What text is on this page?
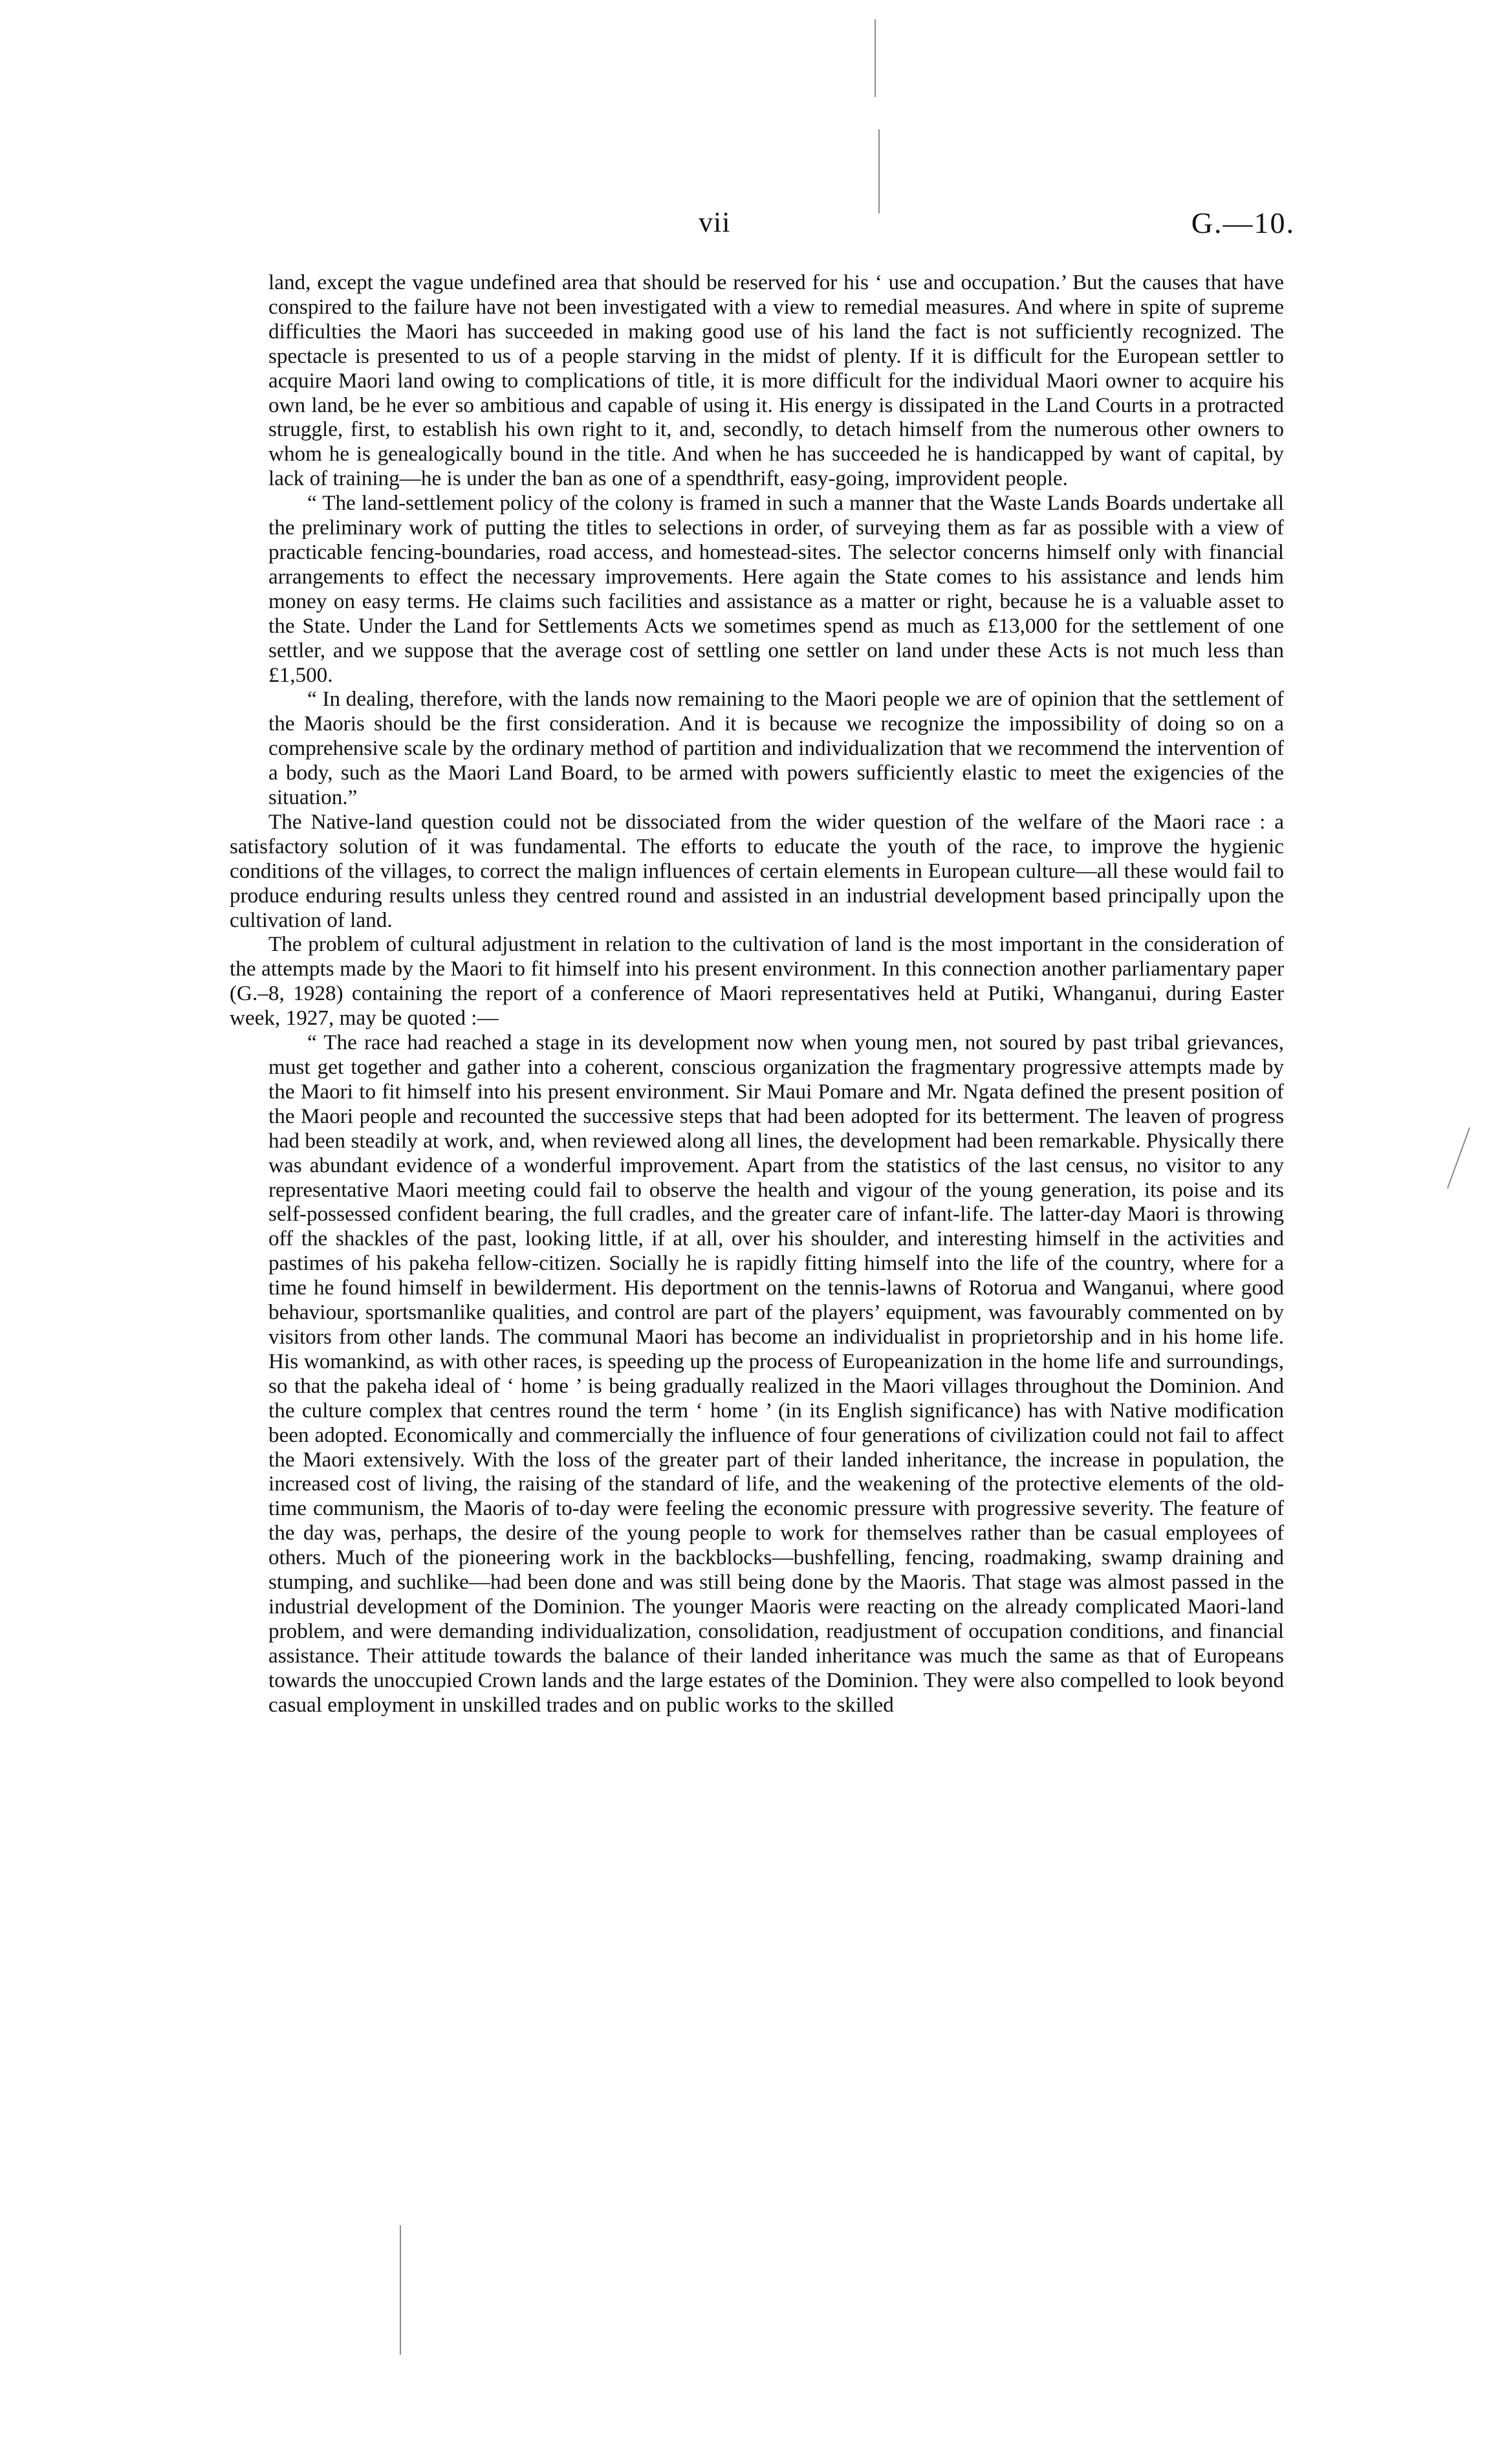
vii	G.—10.

land, except the vague undefined area that should be reserved for his ‘ use and occupation.’ But the causes that have conspired to the failure have not been investigated with a view to remedial measures. And where in spite of supreme difficulties the Maori has succeeded in making good use of his land the fact is not sufficiently recognized. The spectacle is presented to us of a people starving in the midst of plenty. If it is difficult for the European settler to acquire Maori land owing to complications of title, it is more difficult for the individual Maori owner to acquire his own land, be he ever so ambitious and capable of using it. His energy is dissipated in the Land Courts in a protracted struggle, first, to establish his own right to it, and, secondly, to detach himself from the numerous other owners to whom he is genealogically bound in the title. And when he has succeeded he is handicapped by want of capital, by lack of training—he is under the ban as one of a spendthrift, easy-going, improvident people.

“ The land-settlement policy of the colony is framed in such a manner that the Waste Lands Boards undertake all the preliminary work of putting the titles to selections in order, of surveying them as far as possible with a view of practicable fencing-boundaries, road access, and homestead-sites. The selector concerns himself only with financial arrangements to effect the necessary improvements. Here again the State comes to his assistance and lends him money on easy terms. He claims such facilities and assistance as a matter or right, because he is a valuable asset to the State. Under the Land for Settlements Acts we sometimes spend as much as £13,000 for the settlement of one settler, and we suppose that the average cost of settling one settler on land under these Acts is not much less than £1,500.

“ In dealing, therefore, with the lands now remaining to the Maori people we are of opinion that the settlement of the Maoris should be the first consideration. And it is because we recognize the impossibility of doing so on a comprehensive scale by the ordinary method of partition and individualization that we recommend the intervention of a body, such as the Maori Land Board, to be armed with powers sufficiently elastic to meet the exigencies of the situation.”

The Native-land question could not be dissociated from the wider question of the welfare of the Maori race : a satisfactory solution of it was fundamental. The efforts to educate the youth of the race, to improve the hygienic conditions of the villages, to correct the malign influences of certain elements in European culture—all these would fail to produce enduring results unless they centred round and assisted in an industrial development based principally upon the cultivation of land.

The problem of cultural adjustment in relation to the cultivation of land is the most important in the consideration of the attempts made by the Maori to fit himself into his present environment. In this connection another parliamentary paper (G.–8, 1928) containing the report of a conference of Maori representatives held at Putiki, Whanganui, during Easter week, 1927, may be quoted :—

“ The race had reached a stage in its development now when young men, not soured by past tribal grievances, must get together and gather into a coherent, conscious organization the fragmentary progressive attempts made by the Maori to fit himself into his present environment. Sir Maui Pomare and Mr. Ngata defined the present position of the Maori people and recounted the successive steps that had been adopted for its betterment. The leaven of progress had been steadily at work, and, when reviewed along all lines, the development had been remarkable. Physically there was abundant evidence of a wonderful improvement. Apart from the statistics of the last census, no visitor to any representative Maori meeting could fail to observe the health and vigour of the young generation, its poise and its self-possessed confident bearing, the full cradles, and the greater care of infant-life. The latter-day Maori is throwing off the shackles of the past, looking little, if at all, over his shoulder, and interesting himself in the activities and pastimes of his pakeha fellow-citizen. Socially he is rapidly fitting himself into the life of the country, where for a time he found himself in bewilderment. His deportment on the tennis-lawns of Rotorua and Wanganui, where good behaviour, sportsmanlike qualities, and control are part of the players’ equipment, was favourably commented on by visitors from other lands. The communal Maori has become an individualist in proprietorship and in his home life. His womankind, as with other races, is speeding up the process of Europeanization in the home life and surroundings, so that the pakeha ideal of ‘ home ’ is being gradually realized in the Maori villages throughout the Dominion. And the culture complex that centres round the term ‘ home ’ (in its English significance) has with Native modification been adopted. Economically and commercially the influence of four generations of civilization could not fail to affect the Maori extensively. With the loss of the greater part of their landed inheritance, the increase in population, the increased cost of living, the raising of the standard of life, and the weakening of the protective elements of the old-time communism, the Maoris of to-day were feeling the economic pressure with progressive severity. The feature of the day was, perhaps, the desire of the young people to work for themselves rather than be casual employees of others. Much of the pioneering work in the backblocks—bushfelling, fencing, roadmaking, swamp draining and stumping, and suchlike—had been done and was still being done by the Maoris. That stage was almost passed in the industrial development of the Dominion. The younger Maoris were reacting on the already complicated Maori-land problem, and were demanding individualization, consolidation, readjustment of occupation conditions, and financial assistance. Their attitude towards the balance of their landed inheritance was much the same as that of Europeans towards the unoccupied Crown lands and the large estates of the Dominion. They were also compelled to look beyond casual employment in unskilled trades and on public works to the skilled
